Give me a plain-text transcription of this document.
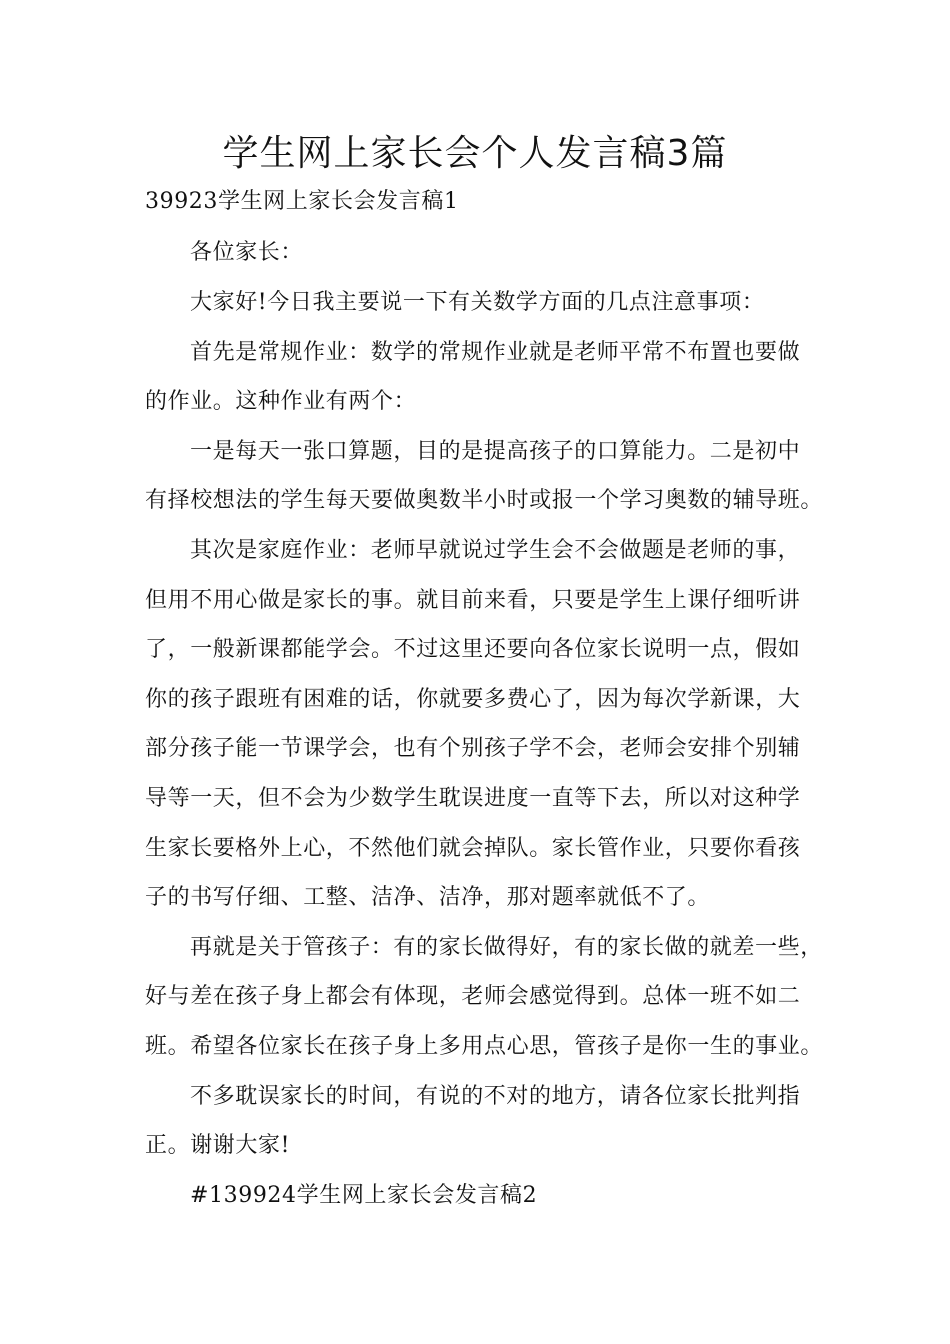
学生网上家长会个人发言稿3篇
39923学生网上家长会发言稿1
各位家长：
大家好!今日我主要说一下有关数学方面的几点注意事项：
首先是常规作业：数学的常规作业就是老师平常不布置也要做
的作业。这种作业有两个：
一是每天一张口算题，目的是提高孩子的口算能力。二是初中
有择校想法的学生每天要做奥数半小时或报一个学习奥数的辅导班。
其次是家庭作业：老师早就说过学生会不会做题是老师的事，
但用不用心做是家长的事。就目前来看，只要是学生上课仔细听讲
了，一般新课都能学会。不过这里还要向各位家长说明一点，假如
你的孩子跟班有困难的话，你就要多费心了，因为每次学新课，大
部分孩子能一节课学会，也有个别孩子学不会，老师会安排个别辅
导等一天，但不会为少数学生耽误进度一直等下去，所以对这种学
生家长要格外上心，不然他们就会掉队。家长管作业，只要你看孩
子的书写仔细、工整、洁净、洁净，那对题率就低不了。
再就是关于管孩子：有的家长做得好，有的家长做的就差一些，
好与差在孩子身上都会有体现，老师会感觉得到。总体一班不如二
班。希望各位家长在孩子身上多用点心思，管孩子是你一生的事业。
不多耽误家长的时间，有说的不对的地方，请各位家长批判指
正。谢谢大家!
#139924学生网上家长会发言稿2
